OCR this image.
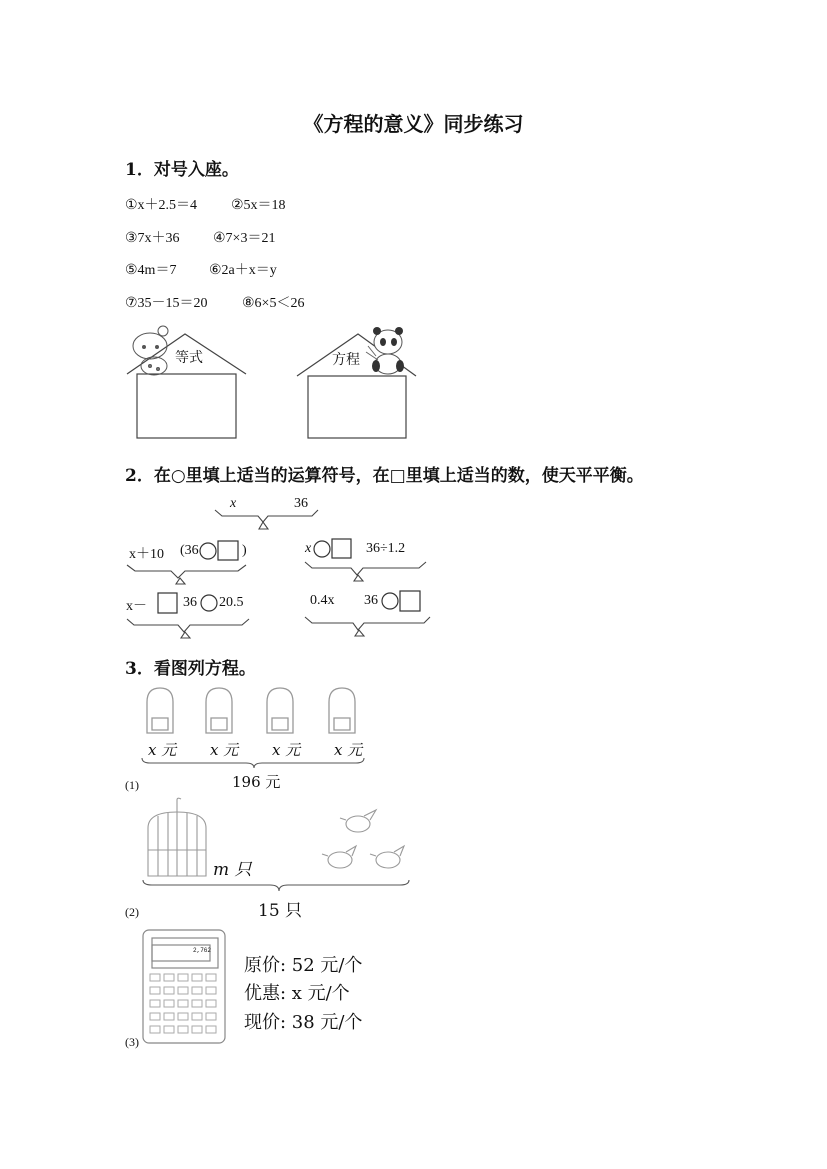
《方程的意义》同步练习
1．对号入座。
①x＋2.5＝4 ②5x＝18
③7x＋36 ④7×3＝21
⑤4m＝7 ⑥2a＋x＝y
⑦35－15＝20 ⑧6×5＜26
等式	方程
2．在○里填上适当的运算符号，在□里填上适当的数，使天平平衡。
x	36
x＋10 (36	)	x	36÷1.2
x－	36 20.5	0.4x 36
3．看图列方程。
x 元 x 元 x 元 x 元
196 元
(1)
m 只
15 只
(2)
2,762
原价: 52 元/个
优惠: x 元/个
现价: 38 元/个
(3)
